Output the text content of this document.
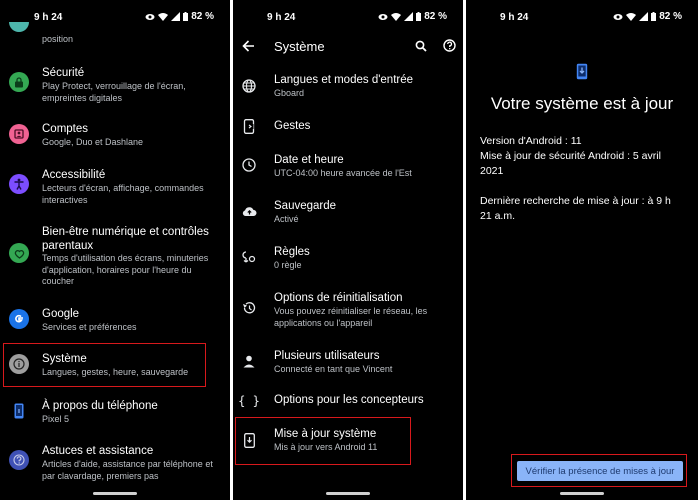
9 h 24	82 %
position
Sécurité
Play Protect, verrouillage de l'écran, empreintes digitales
Comptes
Google, Duo et Dashlane
Accessibilité
Lecteurs d'écran, affichage, commandes interactives
Bien-être numérique et contrôles parentaux
Temps d'utilisation des écrans, minuteries d'application, horaires pour l'heure du coucher
Google
Services et préférences
Système
Langues, gestes, heure, sauvegarde
À propos du téléphone
Pixel 5
Astuces et assistance
Articles d'aide, assistance par téléphone et par clavardage, premiers pas
9 h 24	82 %
Système
Langues et modes d'entrée
Gboard
Gestes
Date et heure
UTC-04:00 heure avancée de l'Est
Sauvegarde
Activé
Règles
0 règle
Options de réinitialisation
Vous pouvez réinitialiser le réseau, les applications ou l'appareil
Plusieurs utilisateurs
Connecté en tant que Vincent
{ } Options pour les concepteurs
Mise à jour système
Mis à jour vers Android 11
9 h 24	82 %
Votre système est à jour
Version d'Android : 11
Mise à jour de sécurité Android : 5 avril 2021
Dernière recherche de mise à jour : à 9 h 21 a.m.
Vérifier la présence de mises à jour
